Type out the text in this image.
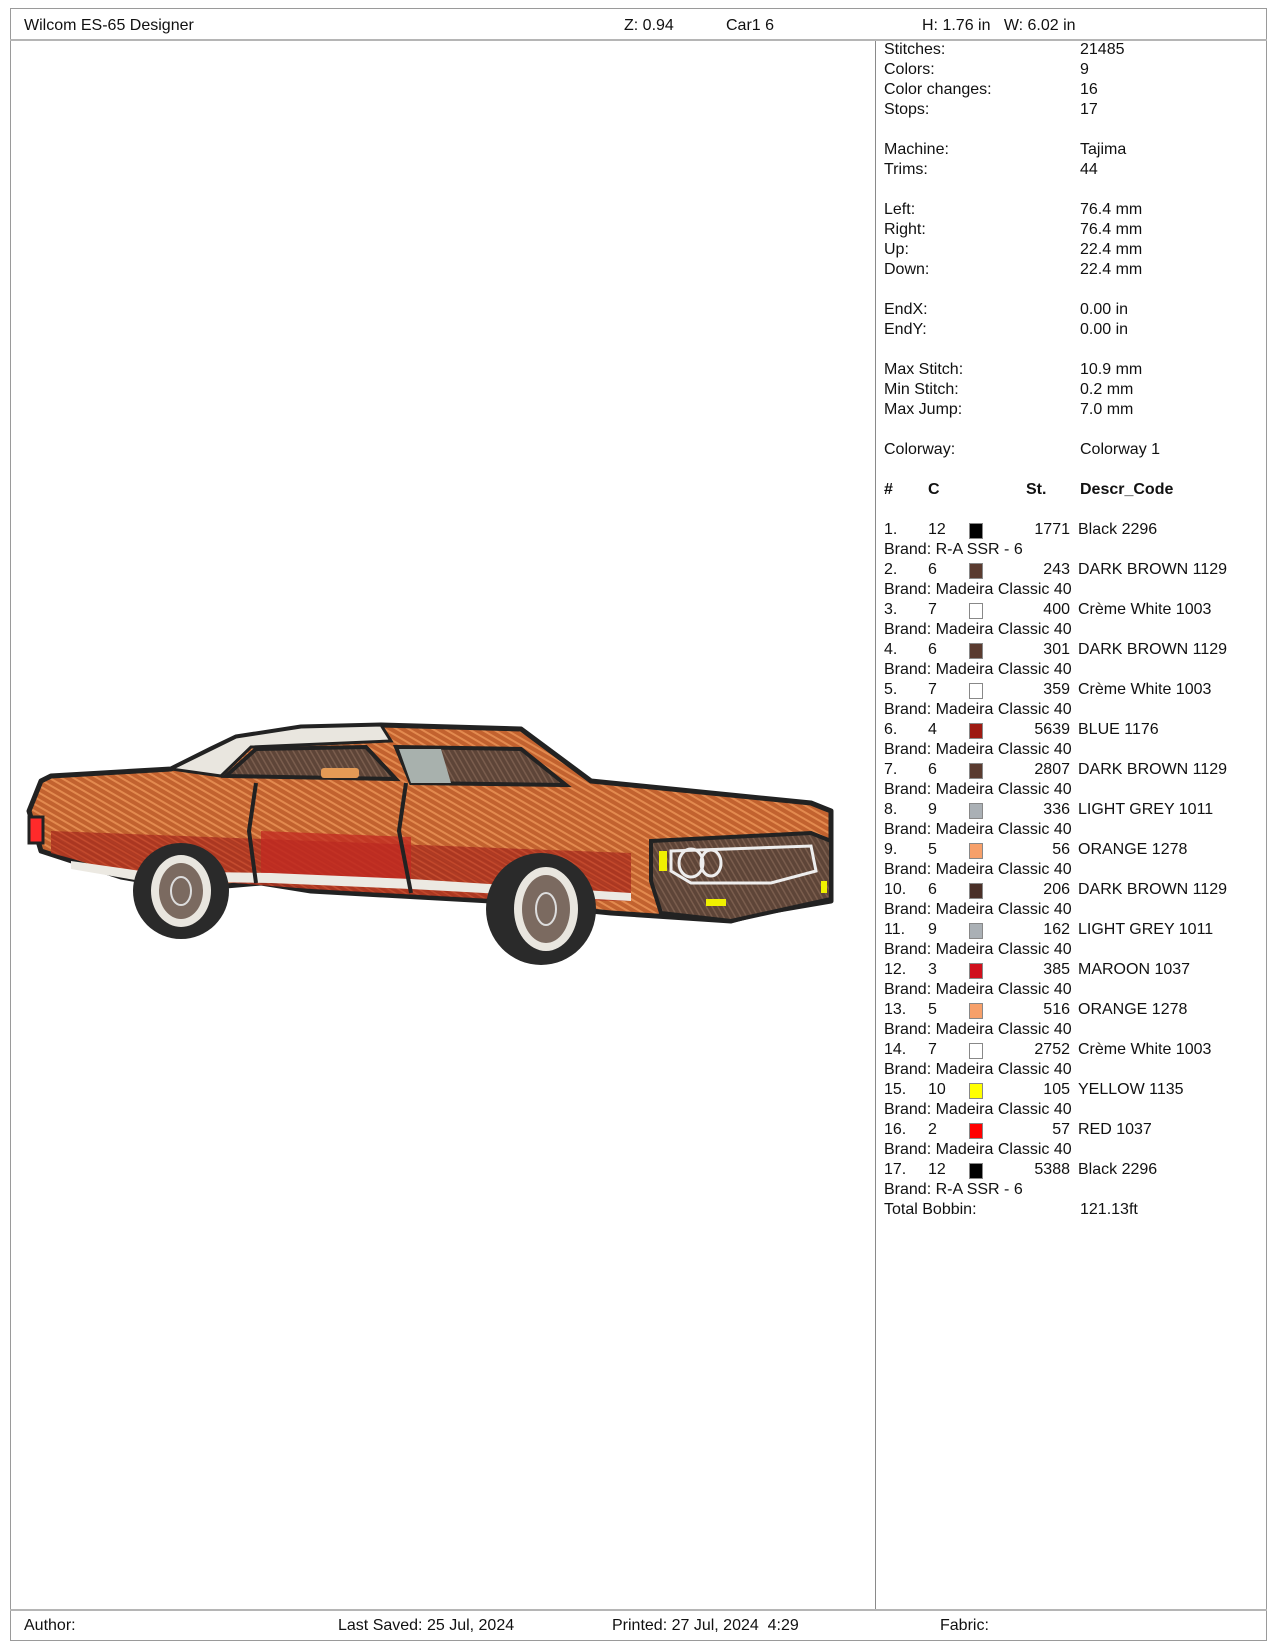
Wilcom ES-65 Designer	Z: 0.94	Car1 6	H: 1.76 in   W: 6.02 in
Stitches:	21485
Colors:	9
Color changes:	16
Stops:	17
Machine:	Tajima
Trims:	44
Left:	76.4 mm
Right:	76.4 mm
Up:	22.4 mm
Down:	22.4 mm
EndX:	0.00 in
EndY:	0.00 in
Max Stitch:	10.9 mm
Min Stitch:	0.2 mm
Max Jump:	7.0 mm
Colorway:	Colorway 1
# C	St. Descr_Code
1. 12	1771 Black 2296
Brand: R-A SSR - 6
2. 6	243 DARK BROWN 1129
Brand: Madeira Classic 40
3. 7	400 Crème White 1003
Brand: Madeira Classic 40
4. 6	301 DARK BROWN 1129
Brand: Madeira Classic 40
5. 7	359 Crème White 1003
Brand: Madeira Classic 40
6. 4	5639 BLUE 1176
Brand: Madeira Classic 40
7. 6	2807 DARK BROWN 1129
Brand: Madeira Classic 40
8. 9	336 LIGHT GREY 1011
Brand: Madeira Classic 40
9. 5	56 ORANGE 1278
Brand: Madeira Classic 40
10. 6	206 DARK BROWN 1129
Brand: Madeira Classic 40
11. 9	162 LIGHT GREY 1011
Brand: Madeira Classic 40
12. 3	385 MAROON 1037
Brand: Madeira Classic 40
13. 5	516 ORANGE 1278
Brand: Madeira Classic 40
14. 7	2752 Crème White 1003
Brand: Madeira Classic 40
15. 10	105 YELLOW 1135
Brand: Madeira Classic 40
16. 2	57 RED 1037
Brand: Madeira Classic 40
17. 12	5388 Black 2296
Brand: R-A SSR - 6
Total Bobbin:	121.13ft
Author:	Last Saved: 25 Jul, 2024	Printed: 27 Jul, 2024  4:29	Fabric:
